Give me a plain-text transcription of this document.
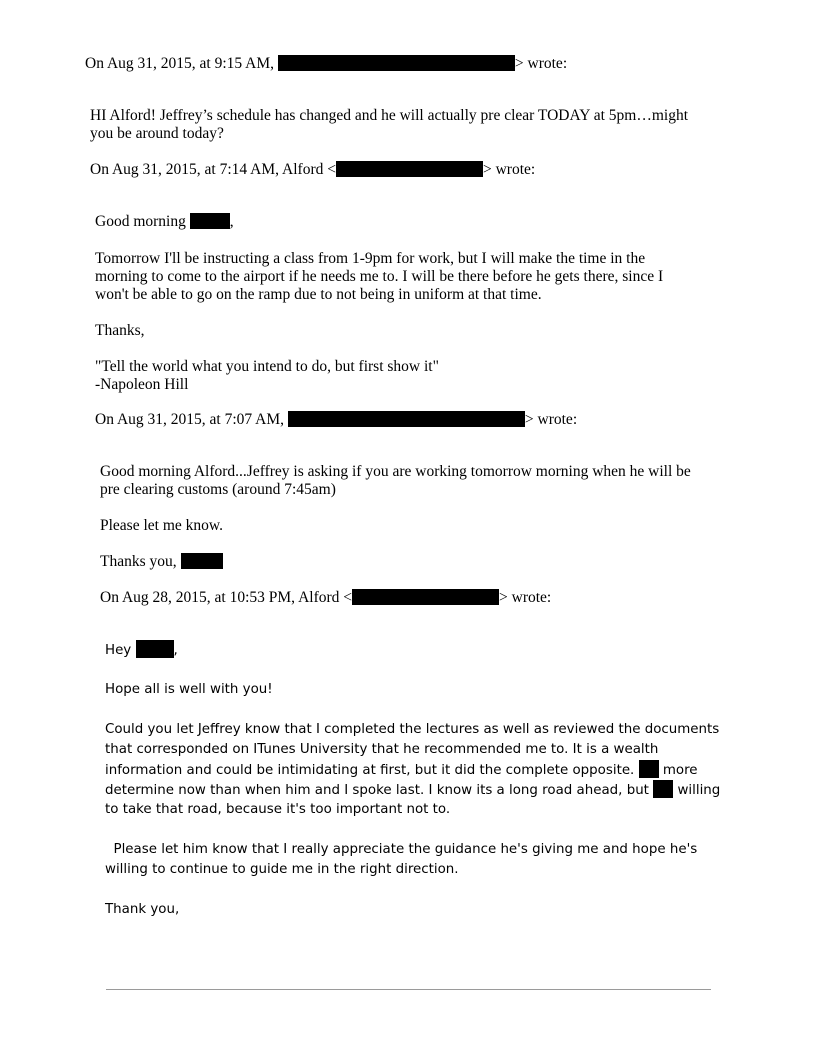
On Aug 31, 2015, at 9:15 AM,	> wrote:
HI Alford! Jeffrey’s schedule has changed and he will actually pre clear TODAY at 5pm…might
you be around today?
On Aug 31, 2015, at 7:14 AM, Alford <	> wrote:
Good morning	,
Tomorrow I'll be instructing a class from 1-9pm for work, but I will make the time in the
morning to come to the airport if he needs me to. I will be there before he gets there, since I
won't be able to go on the ramp due to not being in uniform at that time.
Thanks,
"Tell the world what you intend to do, but first show it"
-Napoleon Hill
On Aug 31, 2015, at 7:07 AM,	> wrote:
Good morning Alford...Jeffrey is asking if you are working tomorrow morning when he will be
pre clearing customs (around 7:45am)
Please let me know.
Thanks you,
On Aug 28, 2015, at 10:53 PM, Alford <	> wrote:
Hey	,
Hope all is well with you!
Could you let Jeffrey know that I completed the lectures as well as reviewed the documents
that corresponded on ITunes University that he recommended me to. It is a wealth
information and could be intimidating at first, but it did the complete opposite. more
determine now than when him and I spoke last. I know its a long road ahead, but willing
to take that road, because it's too important not to.
Please let him know that I really appreciate the guidance he's giving me and hope he's
willing to continue to guide me in the right direction.
Thank you,
